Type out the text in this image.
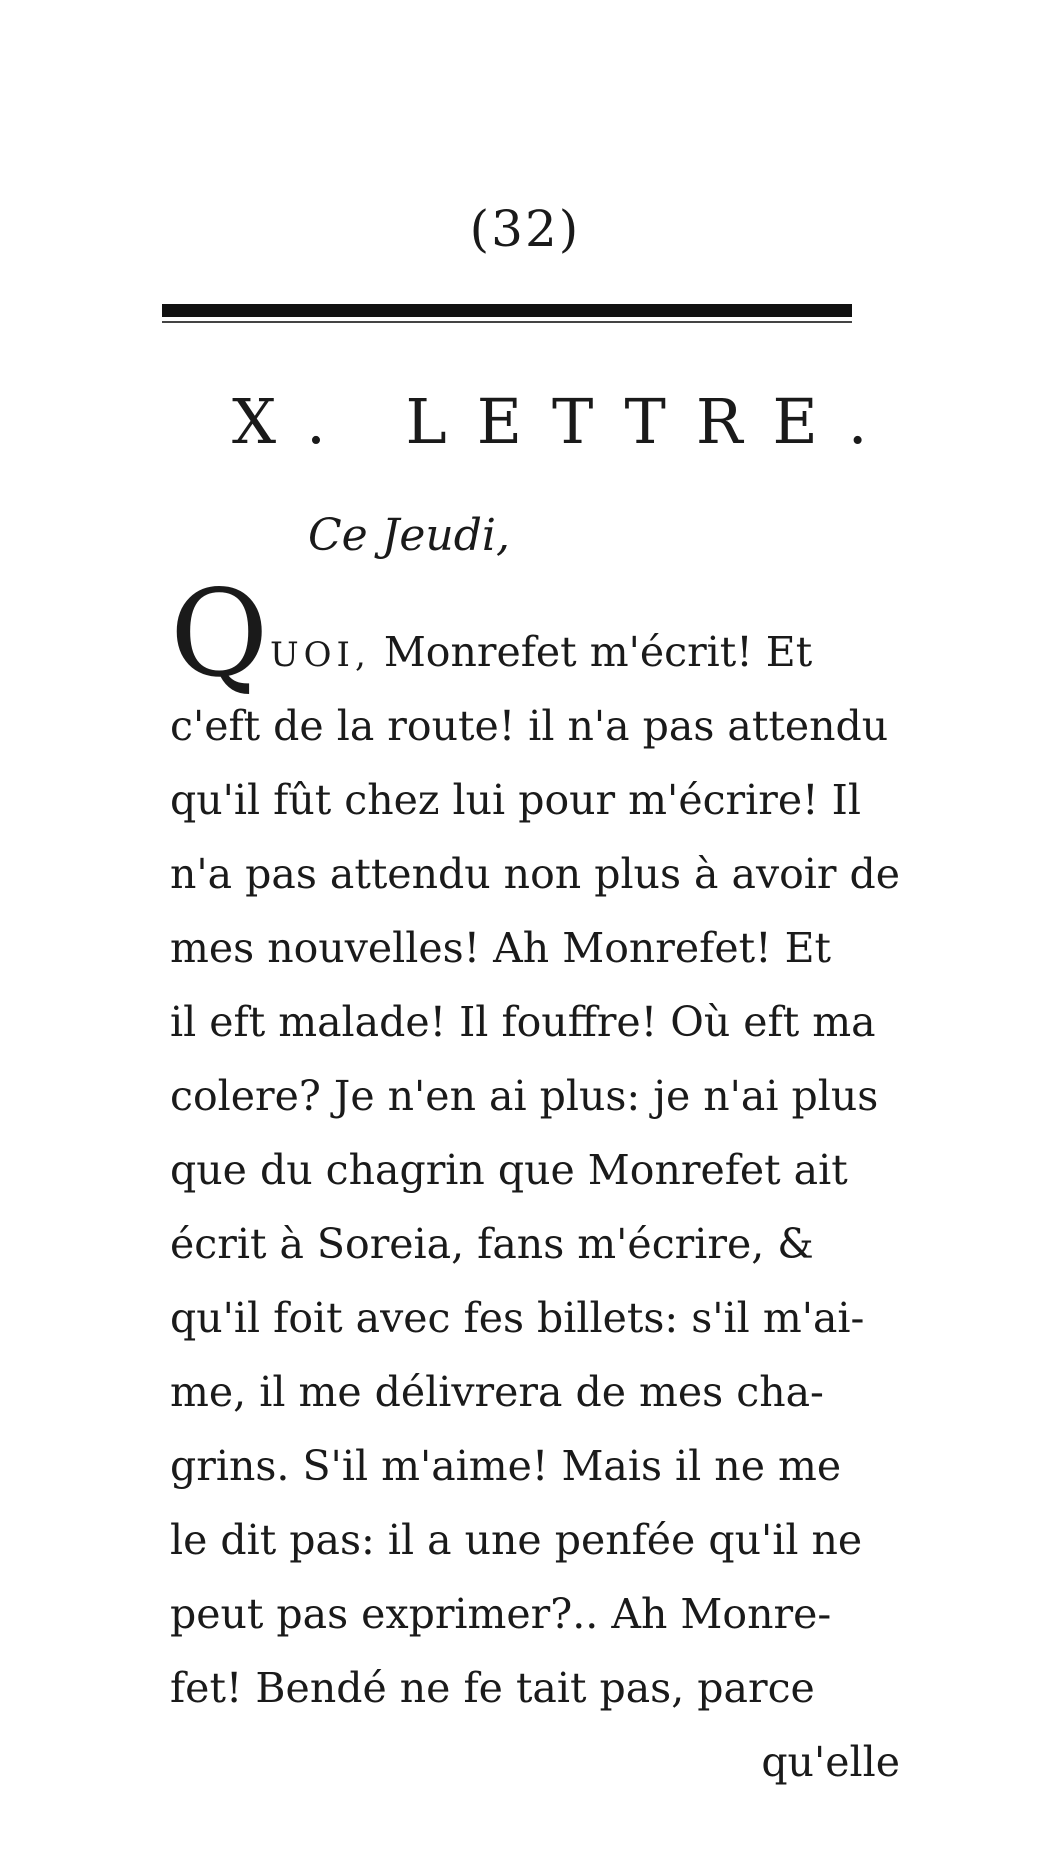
(32)
X. LETTRE.
Ce Jeudi,
Q UOI, Monrefet m'écrit! Et
c'eft de la route! il n'a pas attendu
qu'il fût chez lui pour m'écrire! Il
n'a pas attendu non plus à avoir de
mes nouvelles! Ah Monrefet! Et
il eft malade! Il fouffre! Où eft ma
colere? Je n'en ai plus: je n'ai plus
que du chagrin que Monrefet ait
écrit à Soreia, fans m'écrire, &
qu'il foit avec fes billets: s'il m'ai-
me, il me délivrera de mes cha-
grins. S'il m'aime! Mais il ne me
le dit pas: il a une penfée qu'il ne
peut pas exprimer?.. Ah Monre-
fet! Bendé ne fe tait pas, parce
qu'elle
